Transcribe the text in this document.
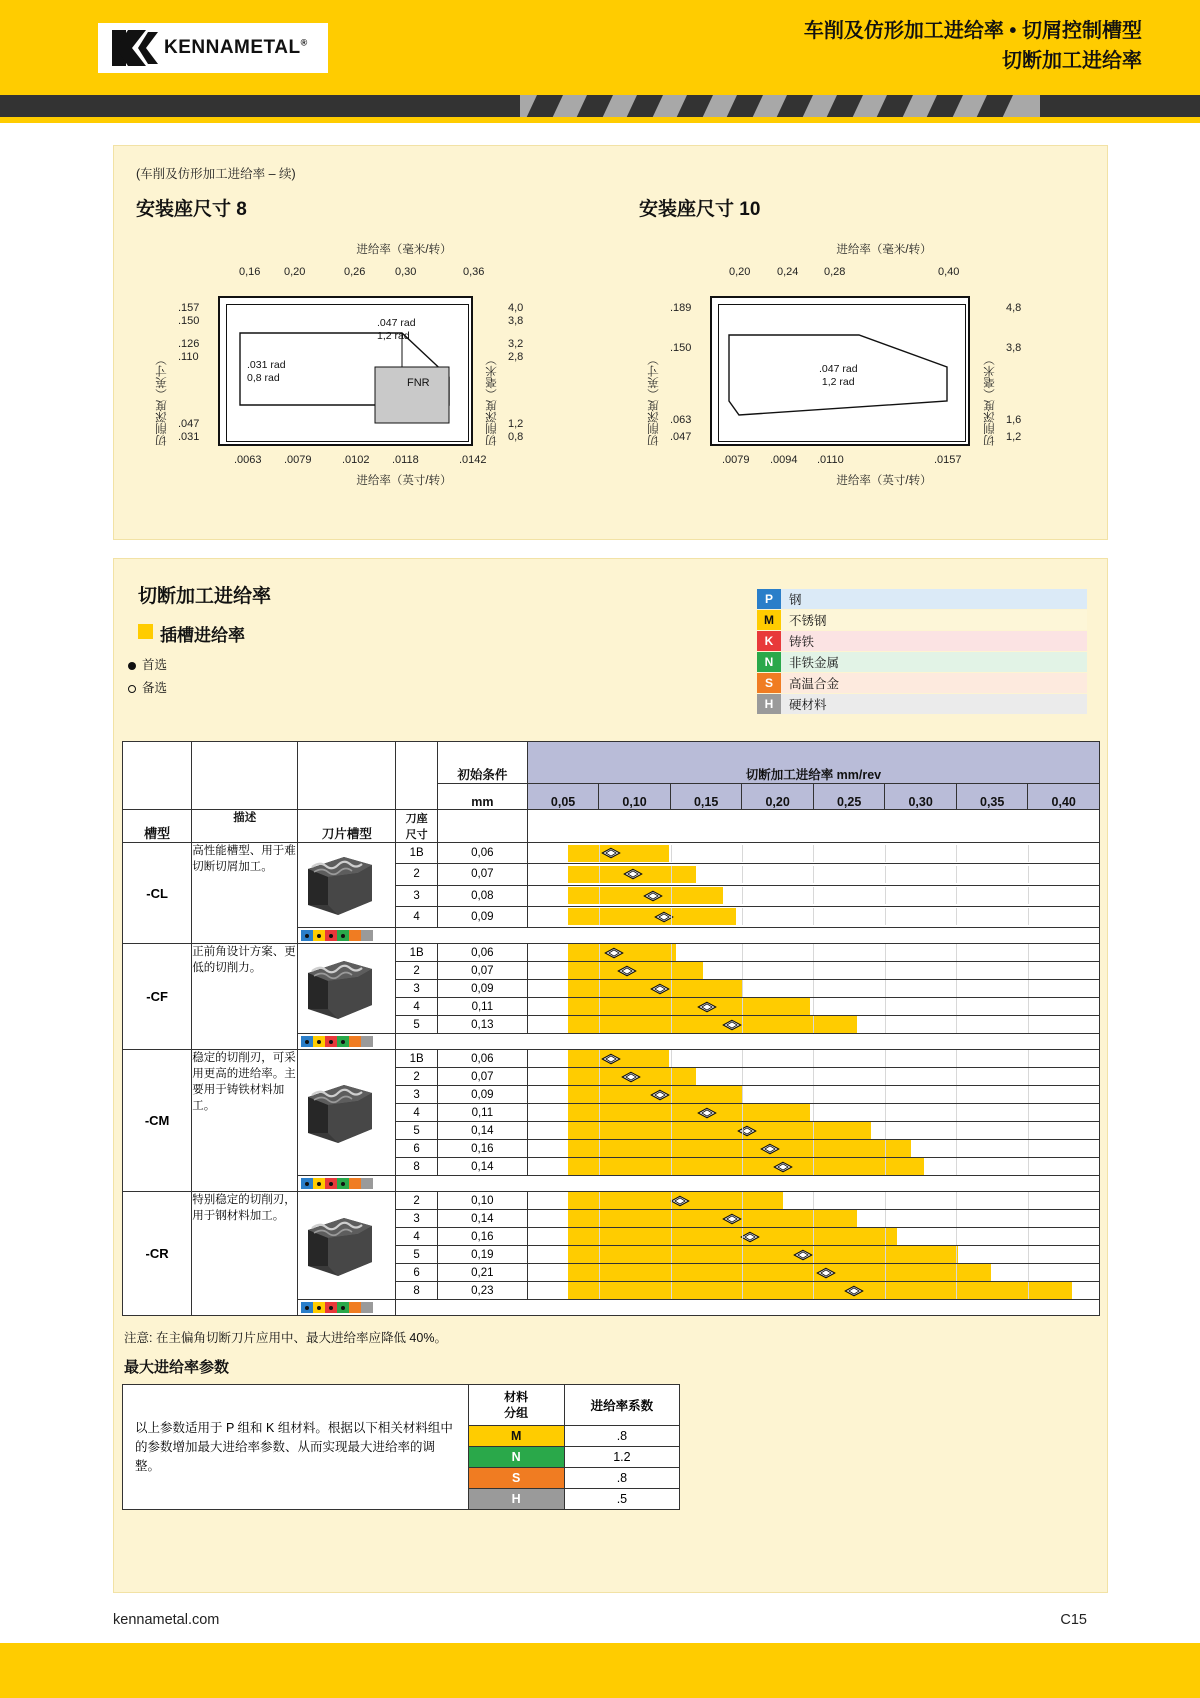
KENNAMETAL®
车削及仿形加工进给率 • 切屑控制槽型
切断加工进给率
(车削及仿形加工进给率 – 续)
安装座尺寸 8
进给率（毫米/转）
0,16 0,20	0,26	0,30	0,36
切削深度（英寸）
.157
.150
.126
.110
.047
.031
.047 rad
1,2 rad
.031 rad
0,8 rad	FNR	切削深度（毫米）
4,0
3,8
3,2
2,8
1,2
0,8
.0063 .0079	.0102 .0118	.0142
进给率（英寸/转）
安装座尺寸 10
进给率（毫米/转）
0,20 0,24 0,28	0,40
切削深度（英寸）
.189
.150
.063
.047
.047 rad
1,2 rad	切削深度（毫米）
4,8
3,8
1,6
1,2
.0079 .0094 .0110	.0157
进给率（英寸/转）
切断加工进给率
插槽进给率
首选
备选
P	钢
M	不锈钢
K	铸铁
N	非铁金属
S	高温合金
H	硬材料
				初始条件	切断加工进给率 mm/rev							
				mm	0,05	0,10	0,15	0,20	0,25	0,30	0,35	0,40
槽型	描述	刀片槽型	刀座
尺寸									
-CL	高性能槽型、用于难切断切屑加工。		1B	0,06	

			2	0,07	

			3	0,08	

			4	0,09	

-CF	正前角设计方案、更低的切削力。		1B	0,06	

			2	0,07	

			3	0,09	

			4	0,11	

			5	0,13	

-CM	稳定的切削刃，可采用更高的进给率。主要用于铸铁材料加工。		1B	0,06	

			2	0,07	

			3	0,09	

			4	0,11	

			5	0,14	

			6	0,16	

			8	0,14	

-CR	特别稳定的切削刃，用于钢材料加工。		2	0,10	

			3	0,14	

			4	0,16	

			5	0,19	

			6	0,21	

			8	0,23	

注意: 在主偏角切断刀片应用中、最大进给率应降低 40%。
最大进给率参数
以上参数适用于 P 组和 K 组材料。根据以下相关材料组中的参数增加最大进给率参数、从而实现最大进给率的调整。	材料
分组	进给率系数
	M	.8
	N	1.2
	S	.8
	H	.5
kennametal.com	C15
